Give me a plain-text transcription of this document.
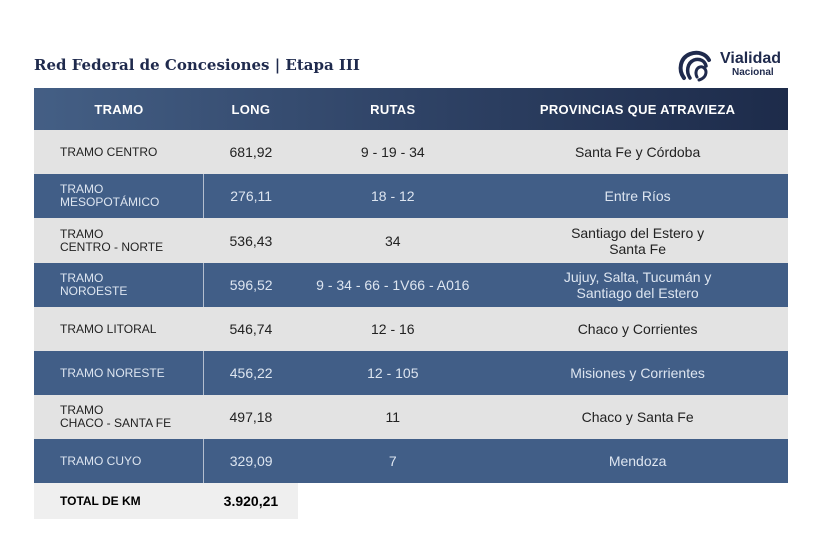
Red Federal de Concesiones | Etapa III	Vialidad
Nacional
TRAMO	LONG	RUTAS	PROVINCIAS QUE ATRAVIEZA
TRAMO CENTRO	681,92	9 - 19 - 34	Santa Fe y Córdoba
TRAMO
MESOPOTÁMICO	276,11	18 - 12	Entre Ríos
TRAMO
CENTRO - NORTE	536,43	34	Santiago del Estero y
Santa Fe
TRAMO
NOROESTE	596,52	9 - 34 - 66 - 1V66 - A016	Jujuy, Salta, Tucumán y
Santiago del Estero
TRAMO LITORAL	546,74	12 - 16	Chaco y Corrientes
TRAMO NORESTE	456,22	12 - 105	Misiones y Corrientes
TRAMO
CHACO - SANTA FE	497,18	11	Chaco y Santa Fe
TRAMO CUYO	329,09	7	Mendoza
TOTAL DE KM	3.920,21		
